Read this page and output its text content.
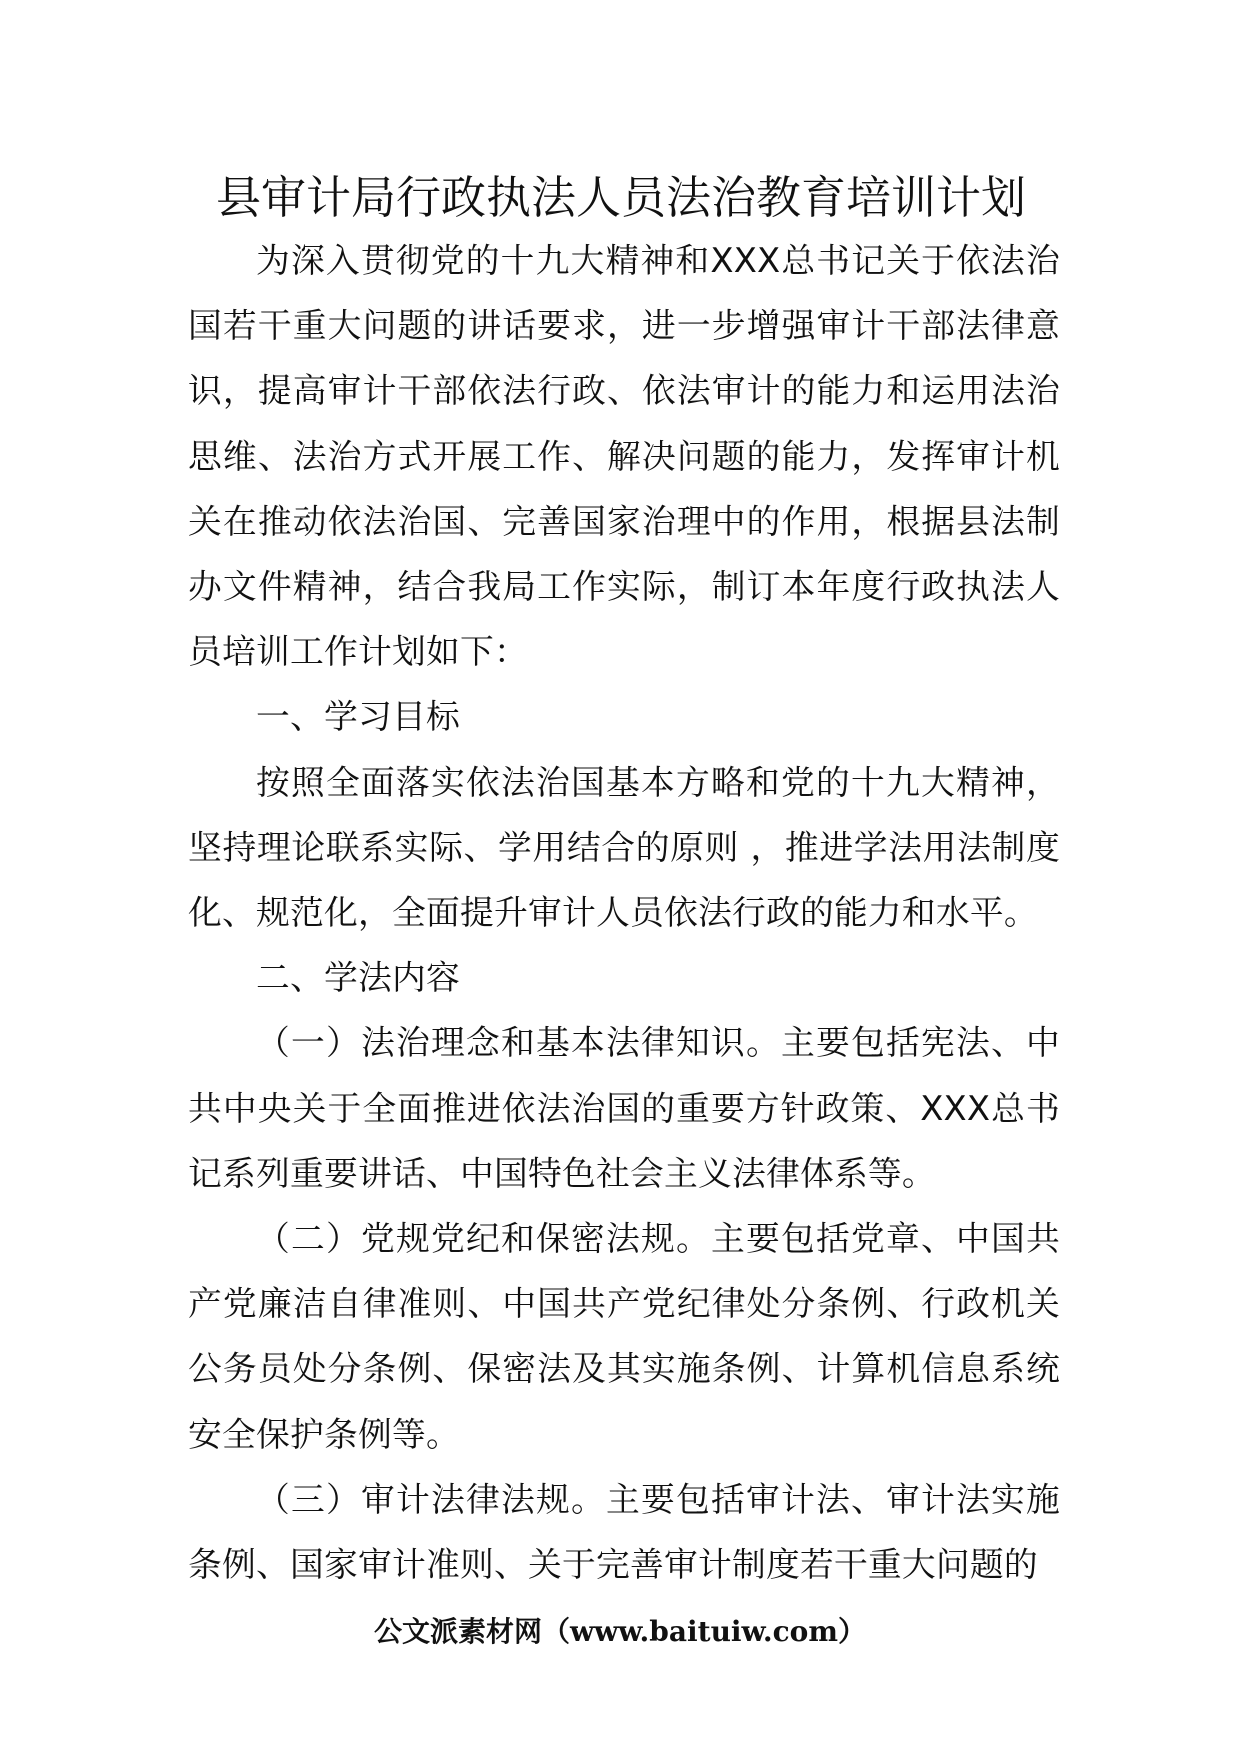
县审计局行政执法人员法治教育培训计划

为深入贯彻党的十九大精神和XXX总书记关于依法治国若干重大问题的讲话要求，进一步增强审计干部法律意识，提高审计干部依法行政、依法审计的能力和运用法治思维、法治方式开展工作、解决问题的能力，发挥审计机关在推动依法治国、完善国家治理中的作用，根据县法制办文件精神，结合我局工作实际，制订本年度行政执法人员培训工作计划如下：

一、学习目标

按照全面落实依法治国基本方略和党的十九大精神，坚持理论联系实际、学用结合的原则 ，推进学法用法制度化、规范化，全面提升审计人员依法行政的能力和水平。

二、学法内容

（一）法治理念和基本法律知识。主要包括宪法、中共中央关于全面推进依法治国的重要方针政策、XXX总书记系列重要讲话、中国特色社会主义法律体系等。

（二）党规党纪和保密法规。主要包括党章、中国共产党廉洁自律准则、中国共产党纪律处分条例、行政机关公务员处分条例、保密法及其实施条例、计算机信息系统安全保护条例等。

（三）审计法律法规。主要包括审计法、审计法实施条例、国家审计准则、关于完善审计制度若干重大问题的

公文派素材网（www.baituiw.com）
